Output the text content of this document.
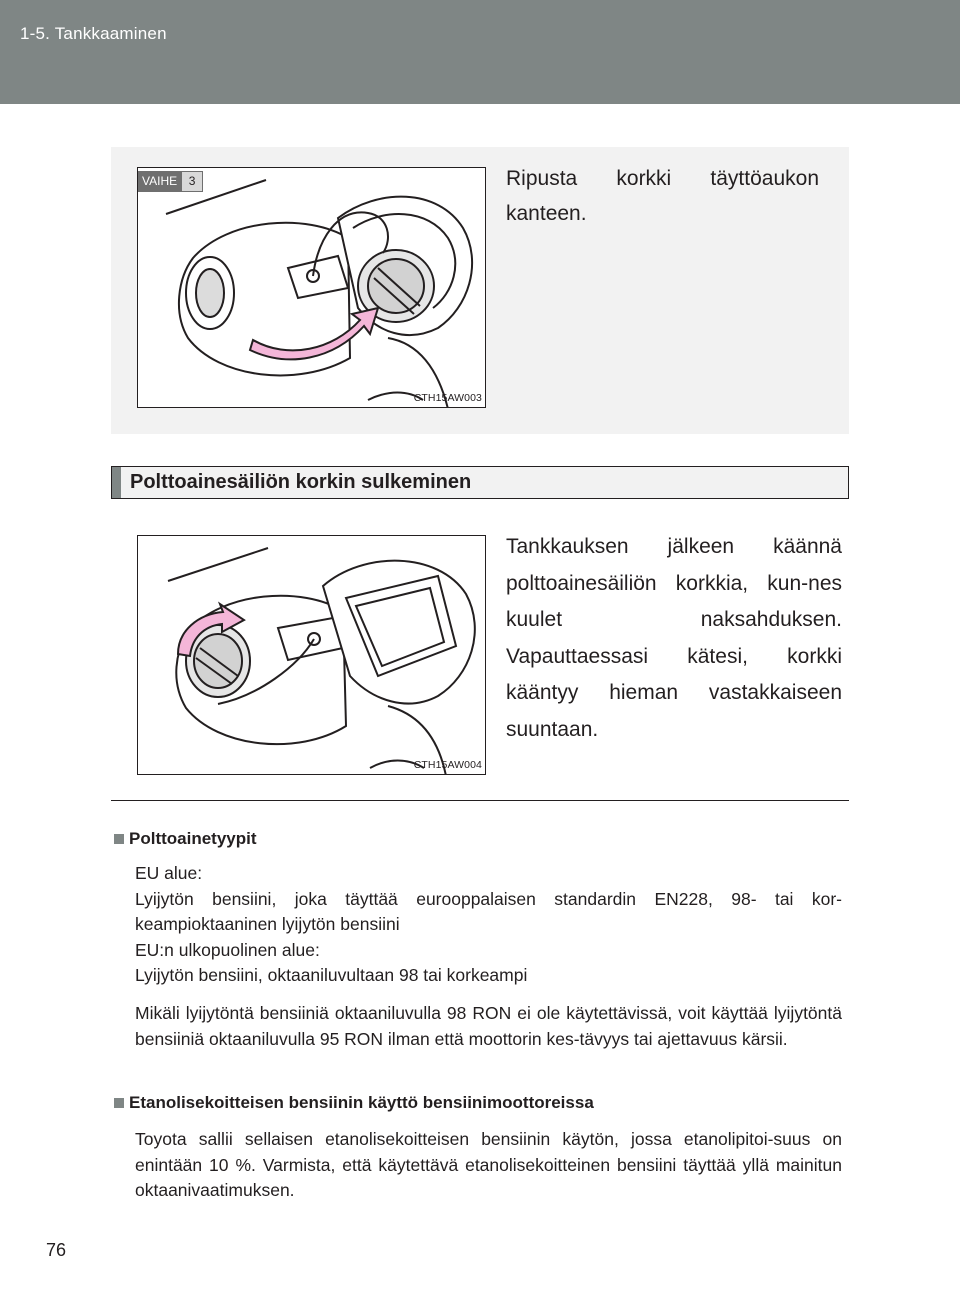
1-5. Tankkaaminen
CTH15AW003
VAIHE 3	Ripusta korkki täyttöaukon kanteen.
Polttoainesäiliön korkin sulkeminen
CTH15AW004
Tankkauksen jälkeen käännä polttoainesäiliön korkkia, kun-nes kuulet naksahduksen. Vapauttaessasi kätesi, korkki kääntyy hieman vastakkaiseen suuntaan.
Polttoainetyypit
EU alue:
Lyijytön bensiini, joka täyttää eurooppalaisen standardin EN228, 98- tai kor-keampioktaaninen lyijytön bensiini
EU:n ulkopuolinen alue:
Lyijytön bensiini, oktaaniluvultaan 98 tai korkeampi
Mikäli lyijytöntä bensiiniä oktaaniluvulla 98 RON ei ole käytettävissä, voit käyttää lyijytöntä bensiiniä oktaaniluvulla 95 RON ilman että moottorin kes-tävyys tai ajettavuus kärsii.
Etanolisekoitteisen bensiinin käyttö bensiinimoottoreissa
Toyota sallii sellaisen etanolisekoitteisen bensiinin käytön, jossa etanolipitoi-suus on enintään 10 %. Varmista, että käytettävä etanolisekoitteinen bensiini täyttää yllä mainitun oktaanivaatimuksen.
76
